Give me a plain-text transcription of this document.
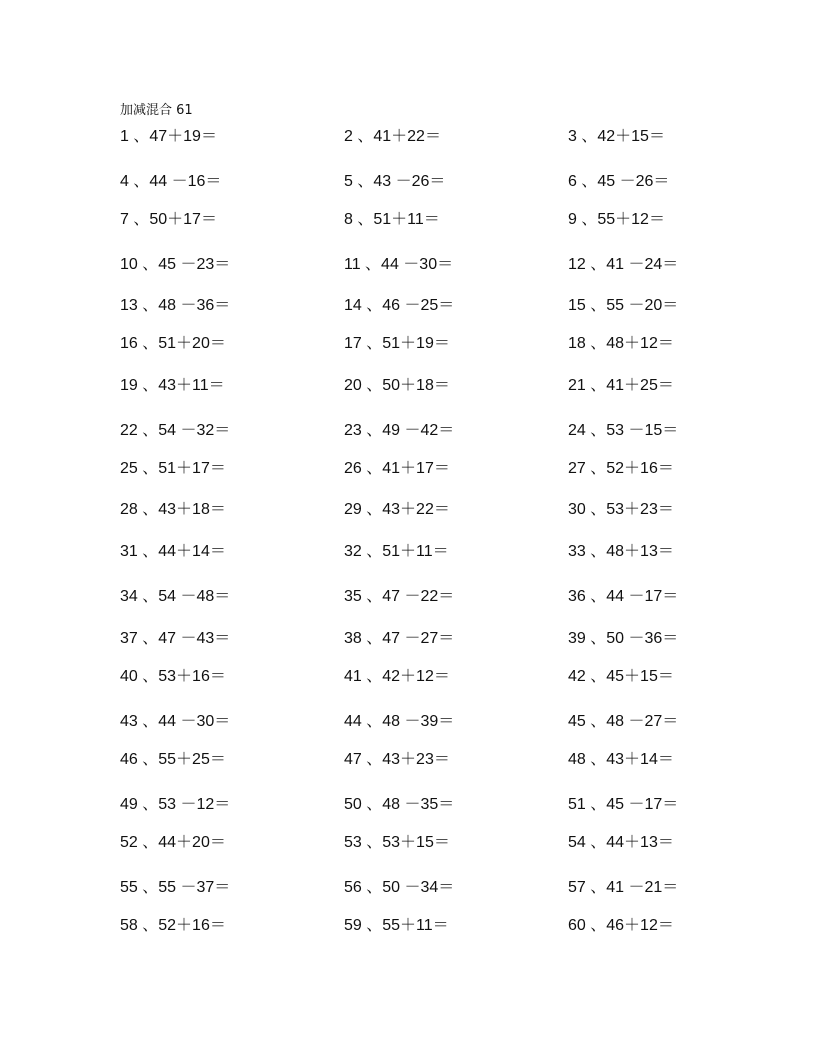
加减混合 61
1 、47＋19＝	2 、41＋22＝	3 、42＋15＝
4 、44 －16＝	5 、43 －26＝	6 、45 －26＝
7 、50＋17＝	8 、51＋11＝	9 、55＋12＝
10 、45 －23＝	11 、44 －30＝	12 、41 －24＝
13 、48 －36＝	14 、46 －25＝	15 、55 －20＝
16 、51＋20＝	17 、51＋19＝	18 、48＋12＝
19 、43＋11＝	20 、50＋18＝	21 、41＋25＝
22 、54 －32＝	23 、49 －42＝	24 、53 －15＝
25 、51＋17＝	26 、41＋17＝	27 、52＋16＝
28 、43＋18＝	29 、43＋22＝	30 、53＋23＝
31 、44＋14＝	32 、51＋11＝	33 、48＋13＝
34 、54 －48＝	35 、47 －22＝	36 、44 －17＝
37 、47 －43＝	38 、47 －27＝	39 、50 －36＝
40 、53＋16＝	41 、42＋12＝	42 、45＋15＝
43 、44 －30＝	44 、48 －39＝	45 、48 －27＝
46 、55＋25＝	47 、43＋23＝	48 、43＋14＝
49 、53 －12＝	50 、48 －35＝	51 、45 －17＝
52 、44＋20＝	53 、53＋15＝	54 、44＋13＝
55 、55 －37＝	56 、50 －34＝	57 、41 －21＝
58 、52＋16＝	59 、55＋11＝	60 、46＋12＝
